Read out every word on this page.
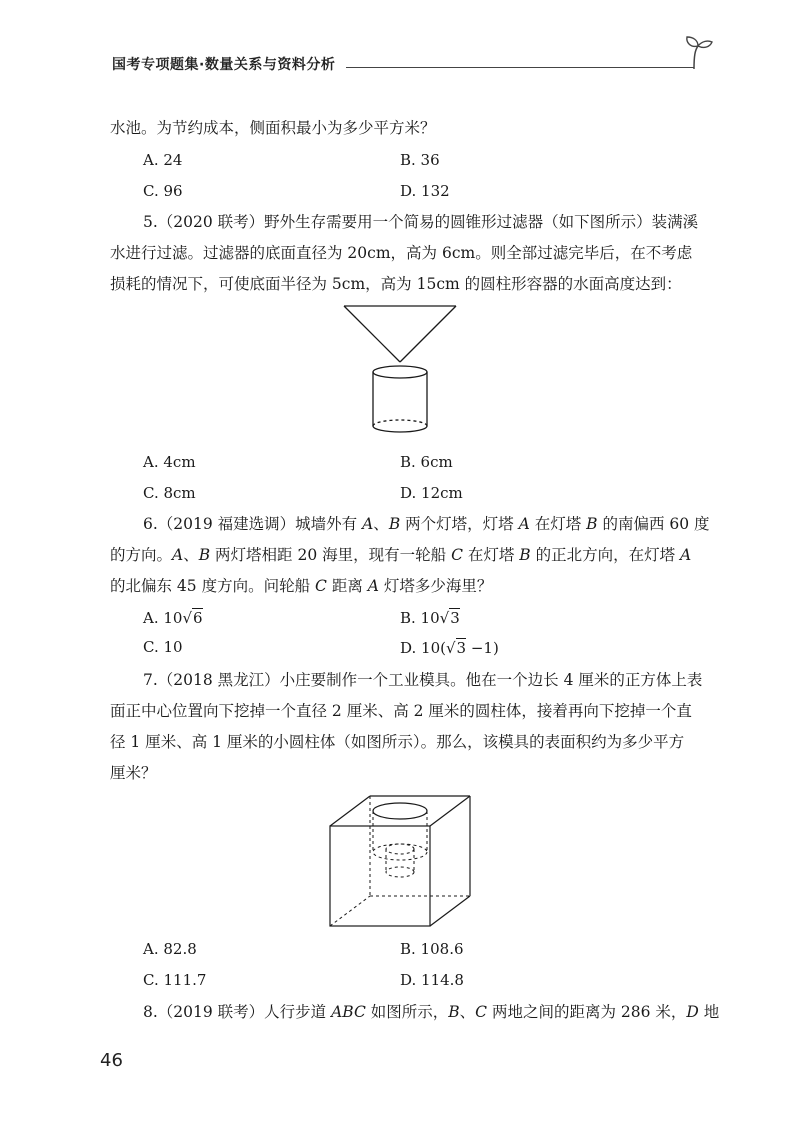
国考专项题集·数量关系与资料分析
水池。为节约成本，侧面积最小为多少平方米？
A. 24	B. 36
C. 96	D. 132
5.（2020 联考）野外生存需要用一个简易的圆锥形过滤器（如下图所示）装满溪
水进行过滤。过滤器的底面直径为 20cm，高为 6cm。则全部过滤完毕后，在不考虑
损耗的情况下，可使底面半径为 5cm，高为 15cm 的圆柱形容器的水面高度达到：
A. 4cm	B. 6cm
C. 8cm	D. 12cm
6.（2019 福建选调）城墙外有 A、B 两个灯塔，灯塔 A 在灯塔 B 的南偏西 60 度
的方向。A、B 两灯塔相距 20 海里，现有一轮船 C 在灯塔 B 的正北方向，在灯塔 A
的北偏东 45 度方向。问轮船 C 距离 A 灯塔多少海里？
A. 10√6	B. 10√3
C. 10	D. 10(√3 −1)
7.（2018 黑龙江）小庄要制作一个工业模具。他在一个边长 4 厘米的正方体上表
面正中心位置向下挖掉一个直径 2 厘米、高 2 厘米的圆柱体，接着再向下挖掉一个直
径 1 厘米、高 1 厘米的小圆柱体（如图所示）。那么，该模具的表面积约为多少平方
厘米？
A. 82.8	B. 108.6
C. 111.7	D. 114.8
8.（2019 联考）人行步道 ABC 如图所示，B、C 两地之间的距离为 286 米，D 地
46
